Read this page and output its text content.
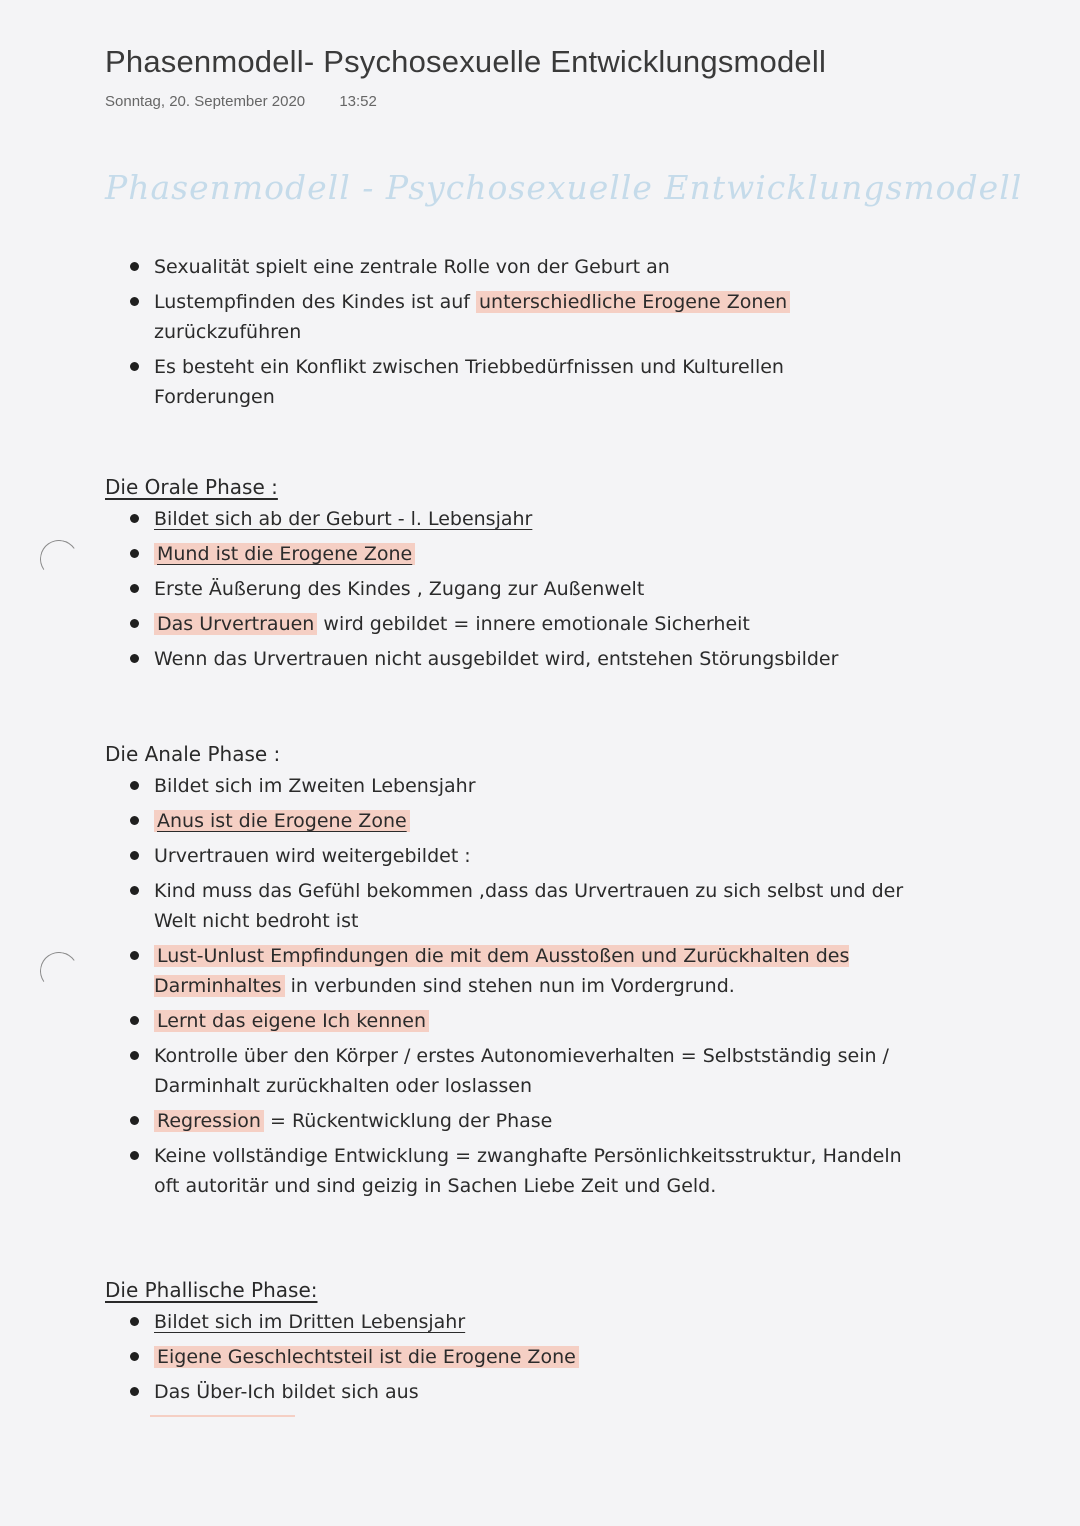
Phasenmodell- Psychosexuelle Entwicklungsmodell
Sonntag, 20. September 2020 13:52
Phasenmodell - Psychosexuelle Entwicklungsmodell
Sexualität spielt eine zentrale Rolle von der Geburt an
Lustempfinden des Kindes ist auf unterschiedliche Erogene Zonen
zurückzuführen
Es besteht ein Konflikt zwischen Triebbedürfnissen und Kulturellen Forderungen
Die Orale Phase :
Bildet sich ab der Geburt - l. Lebensjahr
Mund ist die Erogene Zone
Erste Äußerung des Kindes , Zugang zur Außenwelt
Das Urvertrauen wird gebildet = innere emotionale Sicherheit
Wenn das Urvertrauen nicht ausgebildet wird, entstehen Störungsbilder
Die Anale Phase :
Bildet sich im Zweiten Lebensjahr
Anus ist die Erogene Zone
Urvertrauen wird weitergebildet :
Kind muss das Gefühl bekommen ,dass das Urvertrauen zu sich selbst und der Welt nicht bedroht ist
Lust-Unlust Empfindungen die mit dem Ausstoßen und Zurückhalten des Darminhaltes in verbunden sind stehen nun im Vordergrund.
Lernt das eigene Ich kennen
Kontrolle über den Körper / erstes Autonomieverhalten = Selbstständig sein / Darminhalt zurückhalten oder loslassen
Regression = Rückentwicklung der Phase
Keine vollständige Entwicklung = zwanghafte Persönlichkeitsstruktur, Handeln oft autoritär und sind geizig in Sachen Liebe Zeit und Geld.
Die Phallische Phase:
Bildet sich im Dritten Lebensjahr
Eigene Geschlechtsteil ist die Erogene Zone
Das Über-Ich bildet sich aus
